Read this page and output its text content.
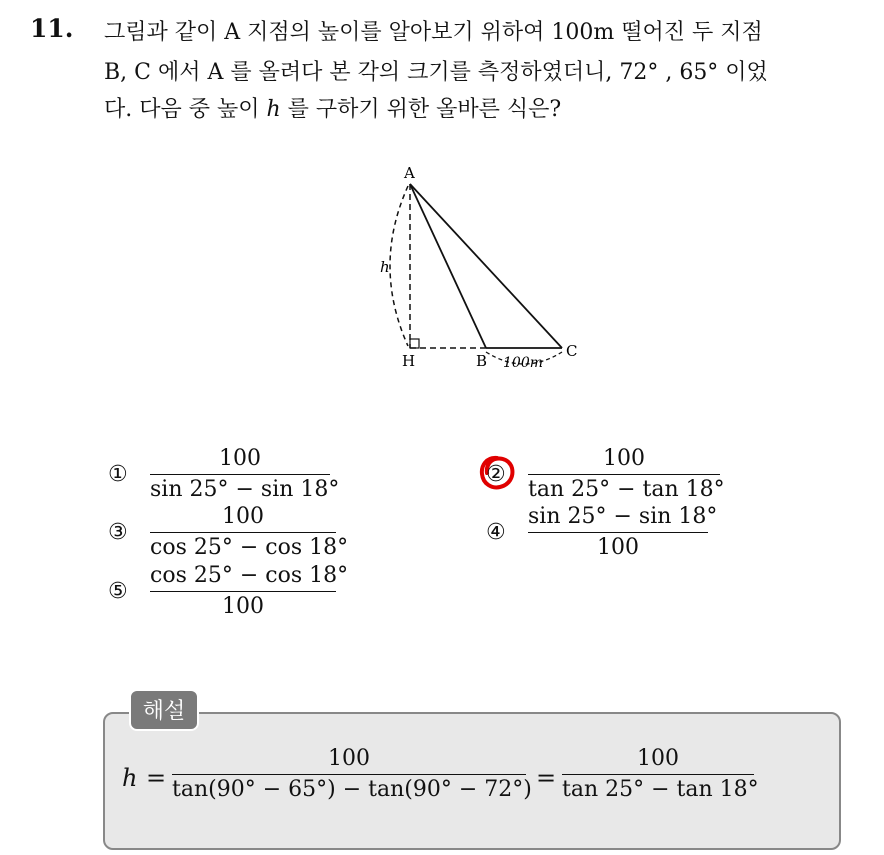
11. 그림과 같이 A 지점의 높이를 알아보기 위하여 100m 떨어진 두 지점
B, C 에서 A 를 올려다 본 각의 크기를 측정하였더니, 72° , 65° 이었
다. 다음 중 높이 h 를 구하기 위한 올바른 식은?
A
H	B
C
h
100m
①
100
sin 25° − sin 18°
②
100
tan 25° − tan 18°
③
100
cos 25° − cos 18°
④
sin 25° − sin 18°
100
⑤
cos 25° − cos 18°
100
해설
h =
100
tan(90° − 65°) − tan(90° − 72°) =
100
tan 25° − tan 18°
